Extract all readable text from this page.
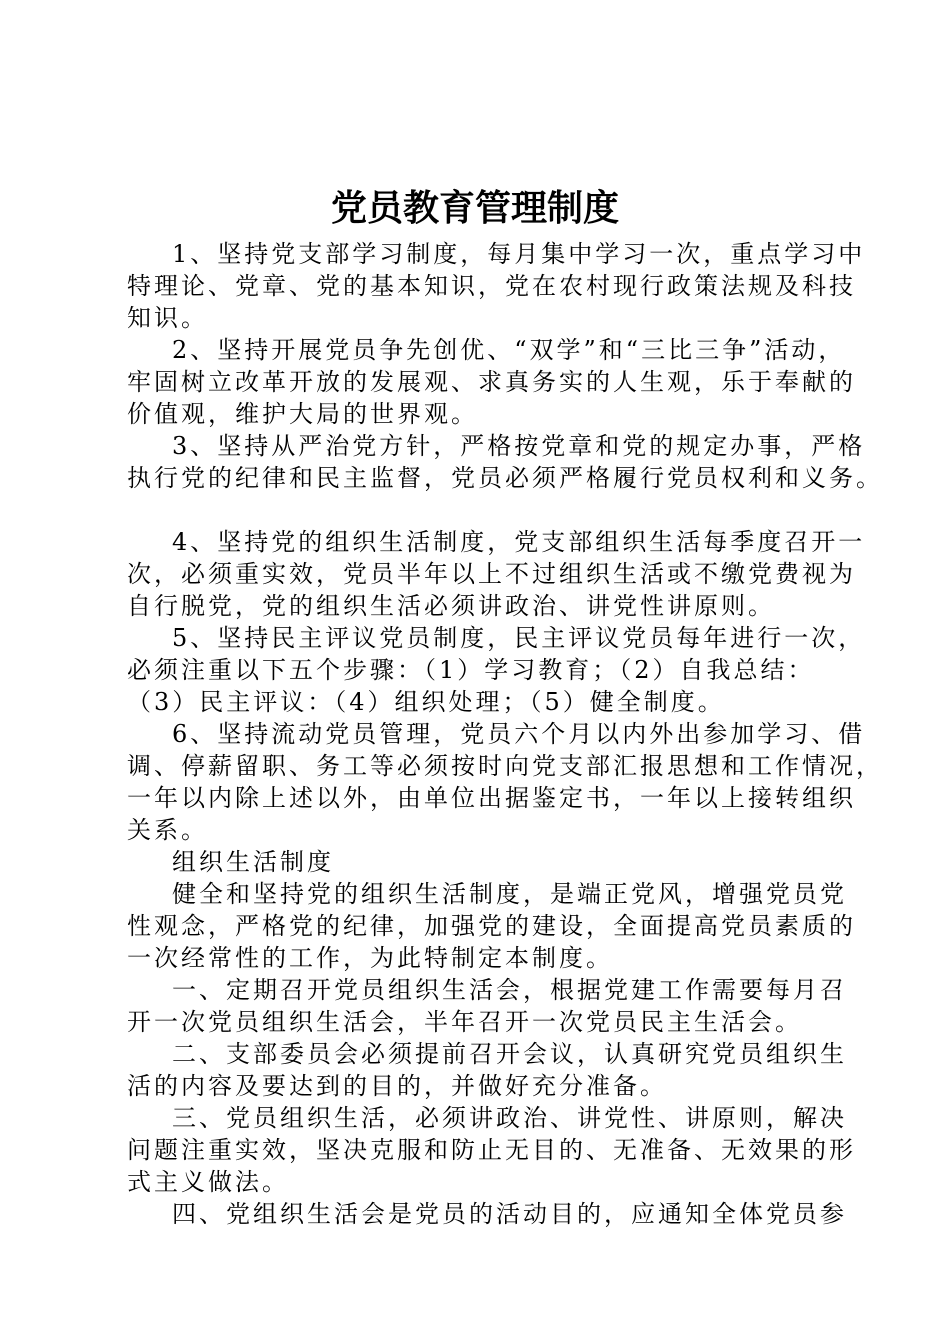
党员教育管理制度
1、坚持党支部学习制度，每月集中学习一次，重点学习中
特理论、党章、党的基本知识，党在农村现行政策法规及科技
知识。
2、坚持开展党员争先创优、“双学”和“三比三争”活动，
牢固树立改革开放的发展观、求真务实的人生观，乐于奉献的
价值观，维护大局的世界观。
3、坚持从严治党方针，严格按党章和党的规定办事，严格
执行党的纪律和民主监督，党员必须严格履行党员权利和义务。
4、坚持党的组织生活制度，党支部组织生活每季度召开一
次，必须重实效，党员半年以上不过组织生活或不缴党费视为
自行脱党，党的组织生活必须讲政治、讲党性讲原则。
5、坚持民主评议党员制度，民主评议党员每年进行一次，
必须注重以下五个步骤：（1）学习教育；（2）自我总结：
（3）民主评议：（4）组织处理；（5）健全制度。
6、坚持流动党员管理，党员六个月以内外出参加学习、借
调、停薪留职、务工等必须按时向党支部汇报思想和工作情况，
一年以内除上述以外，由单位出据鉴定书，一年以上接转组织
关系。
组织生活制度
健全和坚持党的组织生活制度，是端正党风，增强党员党
性观念，严格党的纪律，加强党的建设，全面提高党员素质的
一次经常性的工作，为此特制定本制度。
一、定期召开党员组织生活会，根据党建工作需要每月召
开一次党员组织生活会，半年召开一次党员民主生活会。
二、支部委员会必须提前召开会议，认真研究党员组织生
活的内容及要达到的目的，并做好充分准备。
三、党员组织生活，必须讲政治、讲党性、讲原则，解决
问题注重实效，坚决克服和防止无目的、无准备、无效果的形
式主义做法。
四、党组织生活会是党员的活动目的，应通知全体党员参
